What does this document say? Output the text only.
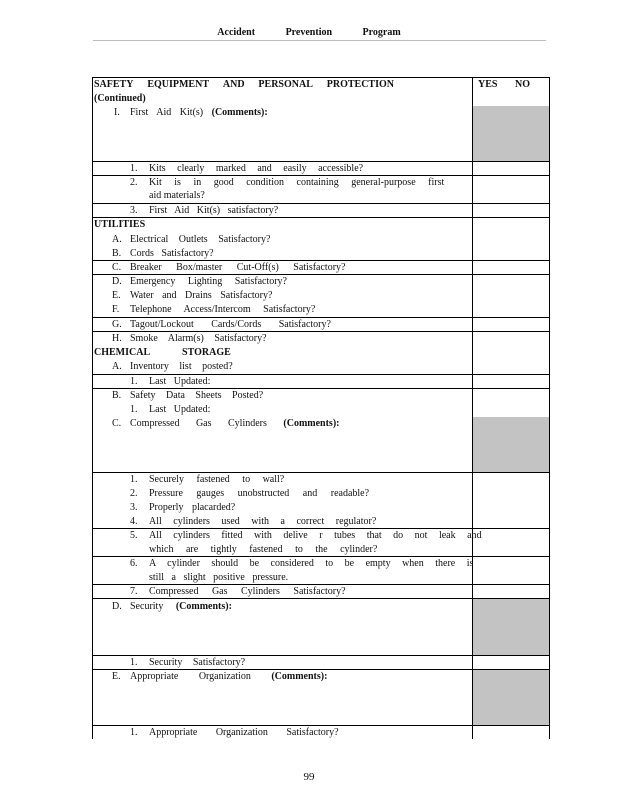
Accident Prevention Program
SAFETY EQUIPMENT AND PERSONAL PROTECTION
(Continued)
YES NO
I. First Aid Kit(s) (Comments):
1. Kits clearly marked and easily accessible?
2. Kit is in good condition containing general-purpose first
aid materials?
3. First Aid Kit(s) satisfactory?
UTILITIES
A. Electrical Outlets Satisfactory?
B. Cords Satisfactory?
C. Breaker Box/master Cut-Off(s) Satisfactory?
D. Emergency Lighting Satisfactory?
E. Water and Drains Satisfactory?
F. Telephone Access/Intercom Satisfactory?
G. Tagout/Lockout Cards/Cords Satisfactory?
H. Smoke Alarm(s) Satisfactory?
CHEMICAL STORAGE
A. Inventory list posted?
1. Last Updated:
B. Safety Data Sheets Posted?
1. Last Updated:
C. Compressed Gas Cylinders (Comments):
1. Securely fastened to wall?
2. Pressure gauges unobstructed and readable?
3. Properly placarded?
4. All cylinders used with a correct regulator?
5. All cylinders fitted with delive r tubes that do not leak and
which are tightly fastened to the cylinder?
6. A cylinder should be considered to be empty when there is
still a slight positive pressure.
7. Compressed Gas Cylinders Satisfactory?
D. Security (Comments):
1. Security Satisfactory?
E. Appropriate Organization (Comments):
1. Appropriate Organization Satisfactory?
99
